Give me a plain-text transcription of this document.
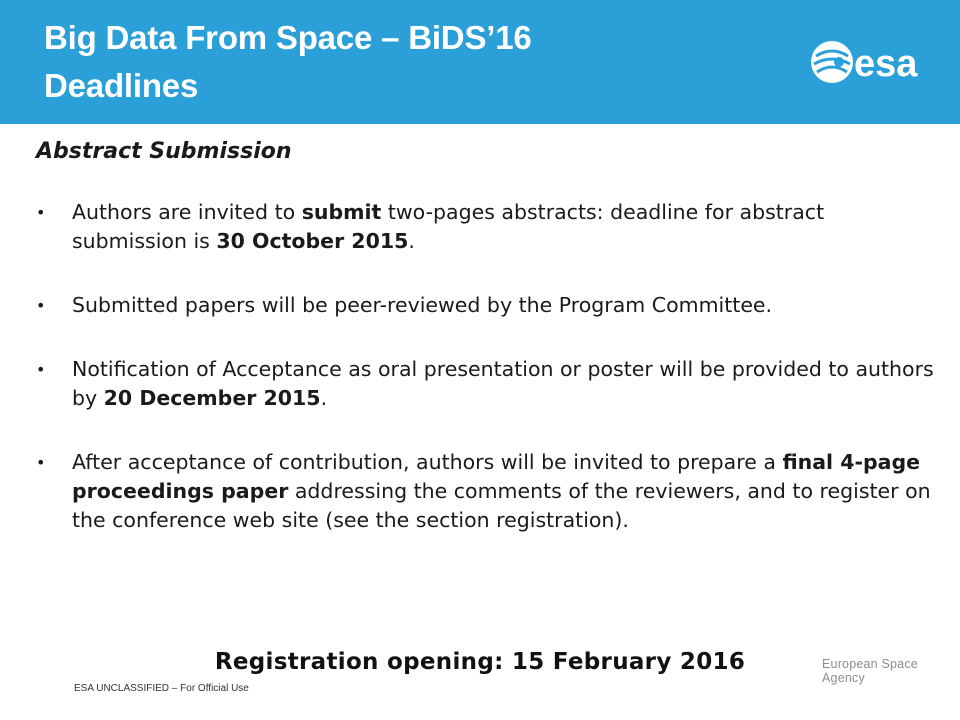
Big Data From Space – BiDS’16
Deadlines
esa
Abstract Submission
• Authors are invited to submit two-pages abstracts: deadline for abstract submission is 30 October 2015.
• Submitted papers will be peer-reviewed by the Program Committee.
• Notification of Acceptance as oral presentation or poster will be provided to authors by 20 December 2015.
• After acceptance of contribution, authors will be invited to prepare a final 4-page proceedings paper addressing the comments of the reviewers, and to register on the conference web site (see the section registration).
Registration opening: 15 February 2016	European Space Agency
ESA UNCLASSIFIED – For Official Use
